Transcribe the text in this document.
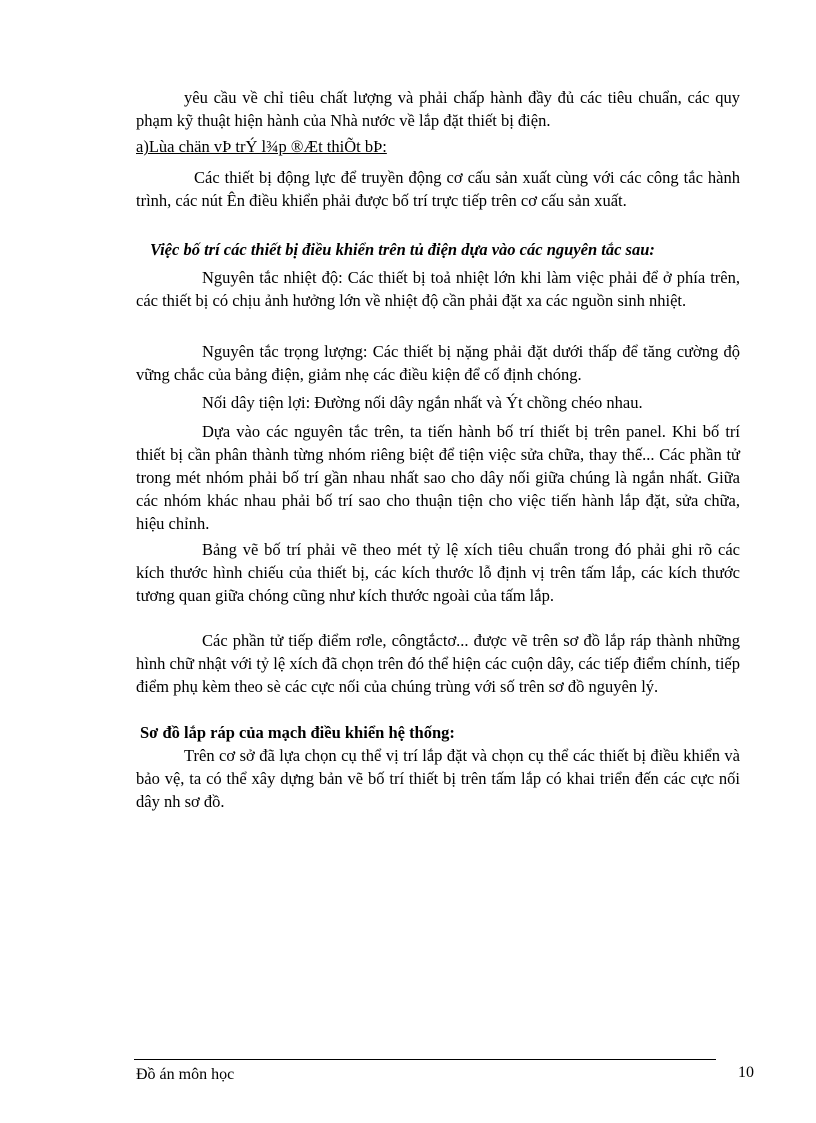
yêu cầu về chỉ tiêu chất lượng và phải chấp hành đầy đủ các tiêu chuẩn, các quy phạm kỹ thuật hiện hành của Nhà nước về lắp đặt thiết bị điện.

a)Lùa chän vÞ trÝ l¾p ®Æt thiÕt bÞ:

Các thiết bị động lực để truyền động cơ cấu sản xuất cùng với các công tắc hành trình, các nút Ên điều khiển phải được bố trí trực tiếp trên cơ cấu sản xuất.

Việc bố trí các thiết bị điều khiển trên tủ điện dựa vào các nguyên tắc sau:

Nguyên tắc nhiệt độ: Các thiết bị toả nhiệt lớn khi làm việc phải để ở phía trên, các thiết bị có chịu ảnh hưởng lớn về nhiệt độ cần phải đặt xa các nguồn sinh nhiệt.

Nguyên tắc trọng lượng: Các thiết bị nặng phải đặt dưới thấp để tăng cường độ vững chắc của bảng điện, giảm nhẹ các điều kiện để cố định chóng.

Nối dây tiện lợi: Đường nối dây ngắn nhất và Ýt chồng chéo nhau.

Dựa vào các nguyên tắc trên, ta tiến hành bố trí thiết bị trên panel. Khi bố trí thiết bị cần phân thành từng nhóm riêng biệt để tiện việc sửa chữa, thay thế... Các phần tử trong mét nhóm phải bố trí gần nhau nhất sao cho dây nối giữa chúng là ngắn nhất. Giữa các nhóm khác nhau phải bố trí sao cho thuận tiện cho việc tiến hành lắp đặt, sửa chữa, hiệu chỉnh.

Bảng vẽ bố trí phải vẽ theo mét tỷ lệ xích tiêu chuẩn trong đó phải ghi rõ các kích thước hình chiếu của thiết bị, các kích thước lỗ định vị trên tấm lắp, các kích thước tương quan giữa chóng cũng như kích thước ngoài của tấm lắp.

Các phần tử tiếp điểm rơle, côngtắctơ... được vẽ trên sơ đồ lắp ráp thành những hình chữ nhật với tỷ lệ xích đã chọn trên đó thể hiện các cuộn dây, các tiếp điểm chính, tiếp điểm phụ kèm theo sè các cực nối của chúng trùng với số trên sơ đồ nguyên lý.

Sơ đồ lắp ráp của mạch điều khiển hệ thống:

Trên cơ sở đã lựa chọn cụ thể vị trí lắp đặt và chọn cụ thể các thiết bị điều khiển và bảo vệ, ta có thể xây dựng bản vẽ bố trí thiết bị trên tấm lắp có khai triển đến các cực nối dây nh sơ đồ.

Đồ án môn học	10
